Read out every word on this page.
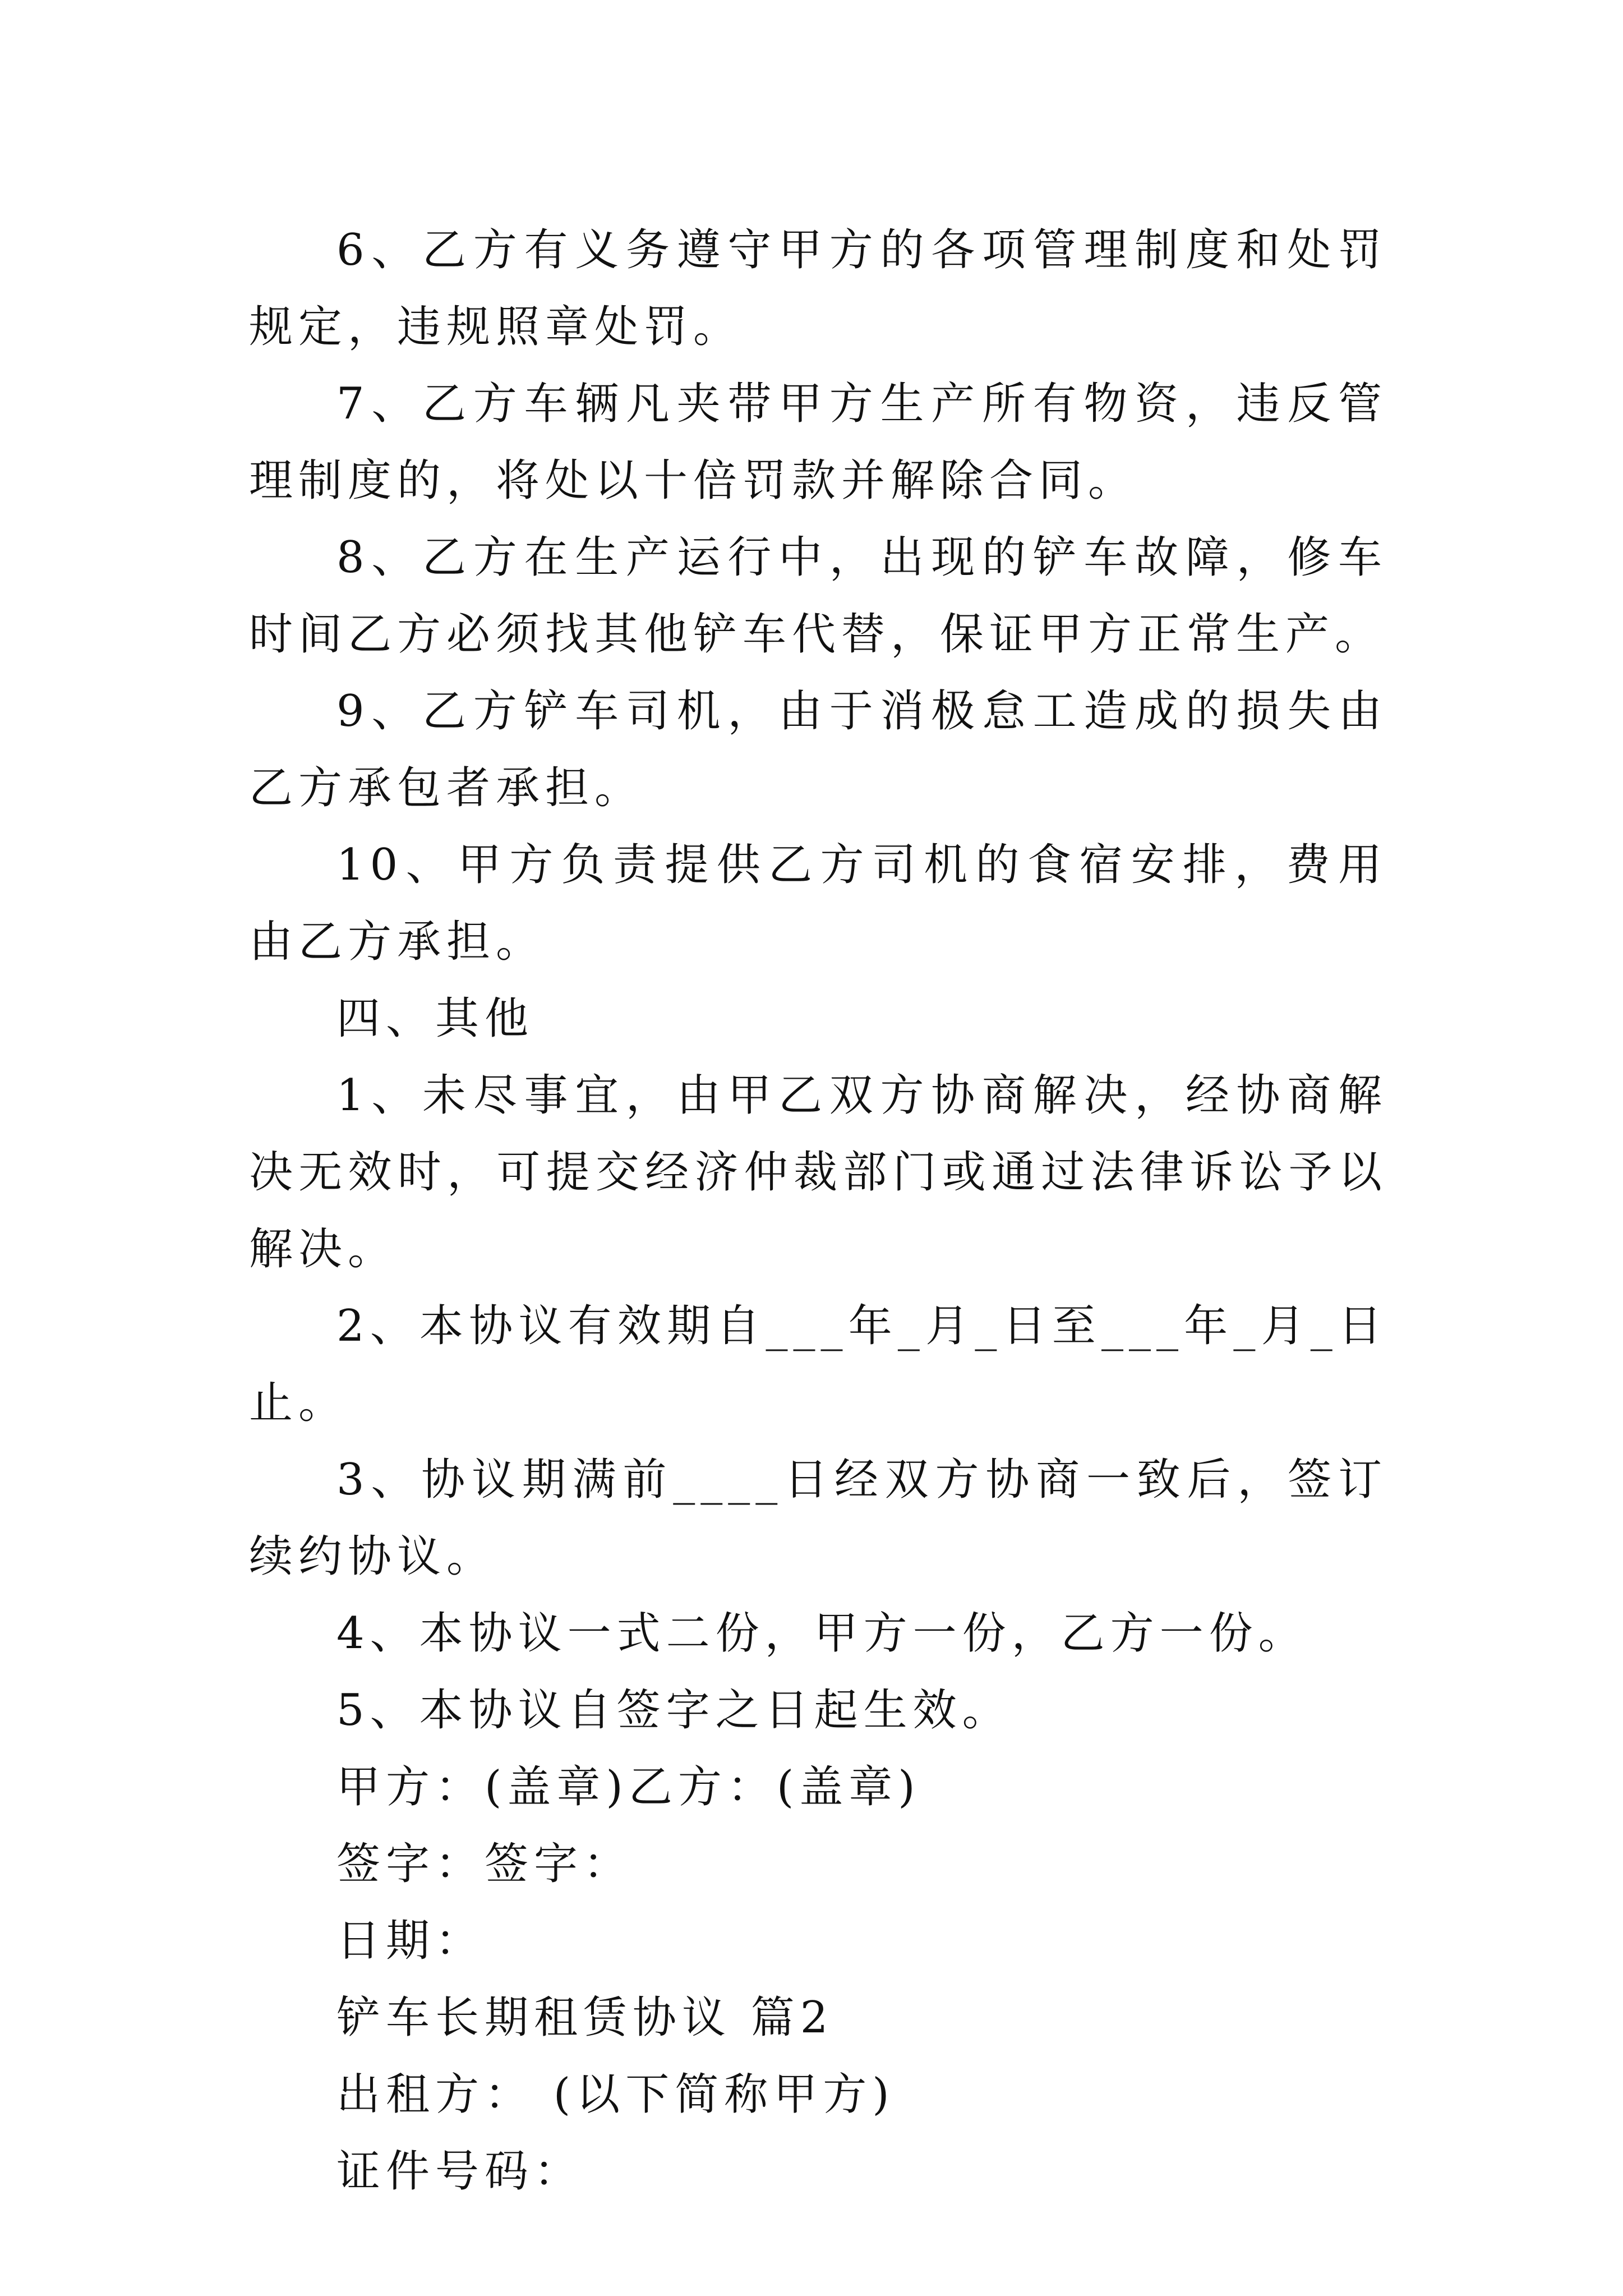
6、乙方有义务遵守甲方的各项管理制度和处罚规定，违规照章处罚。

7、乙方车辆凡夹带甲方生产所有物资，违反管理制度的，将处以十倍罚款并解除合同。

8、乙方在生产运行中，出现的铲车故障，修车时间乙方必须找其他铲车代替，保证甲方正常生产。

9、乙方铲车司机，由于消极怠工造成的损失由乙方承包者承担。

10、甲方负责提供乙方司机的食宿安排，费用由乙方承担。

四、其他

1、未尽事宜，由甲乙双方协商解决，经协商解决无效时，可提交经济仲裁部门或通过法律诉讼予以解决。

2、本协议有效期自___年_月_日至___年_月_日止。

3、协议期满前____日经双方协商一致后，签订续约协议。

4、本协议一式二份，甲方一份，乙方一份。

5、本协议自签字之日起生效。

甲方：(盖章)乙方：(盖章)

签字：签字：

日期：

铲车长期租赁协议 篇2

出租方： (以下简称甲方)

证件号码：
